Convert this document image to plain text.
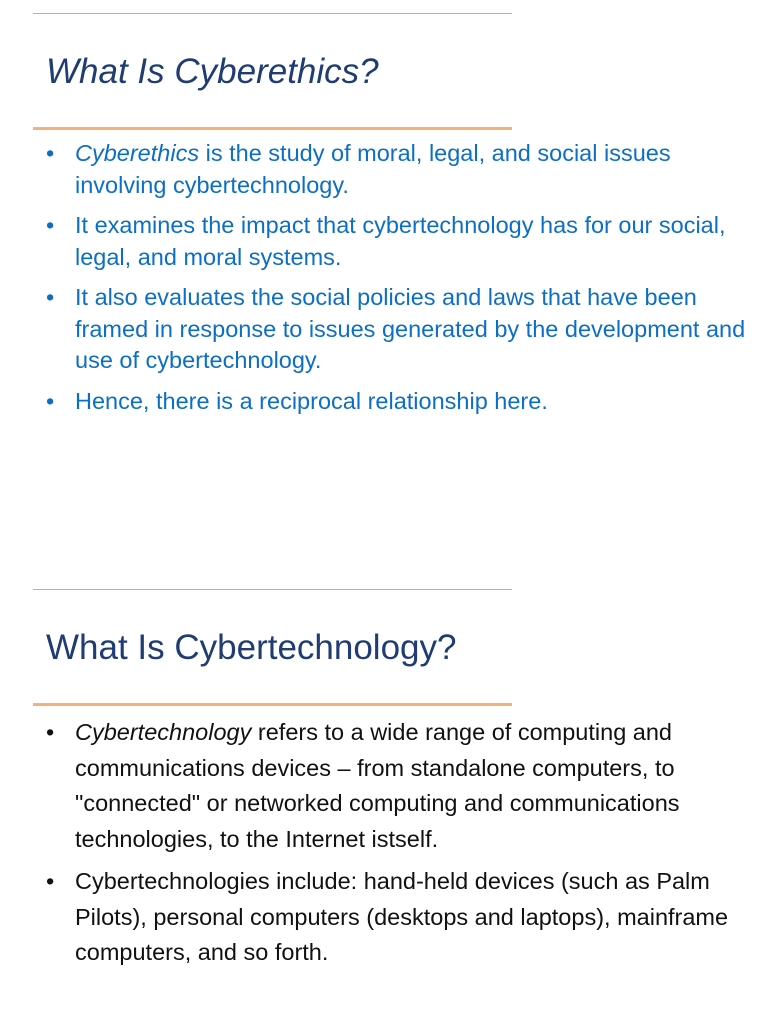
What Is Cyberethics?
• Cyberethics is the study of moral, legal, and social issues involving cybertechnology.
• It examines the impact that cybertechnology has for our social, legal, and moral systems.
• It also evaluates the social policies and laws that have been framed in response to issues generated by the development and use of cybertechnology.
• Hence, there is a reciprocal relationship here.
What Is Cybertechnology?
• Cybertechnology refers to a wide range of computing and communications devices – from standalone computers, to "connected" or networked computing and communications technologies, to the Internet istself.
• Cybertechnologies include: hand-held devices (such as Palm Pilots), personal computers (desktops and laptops), mainframe computers, and so forth.
